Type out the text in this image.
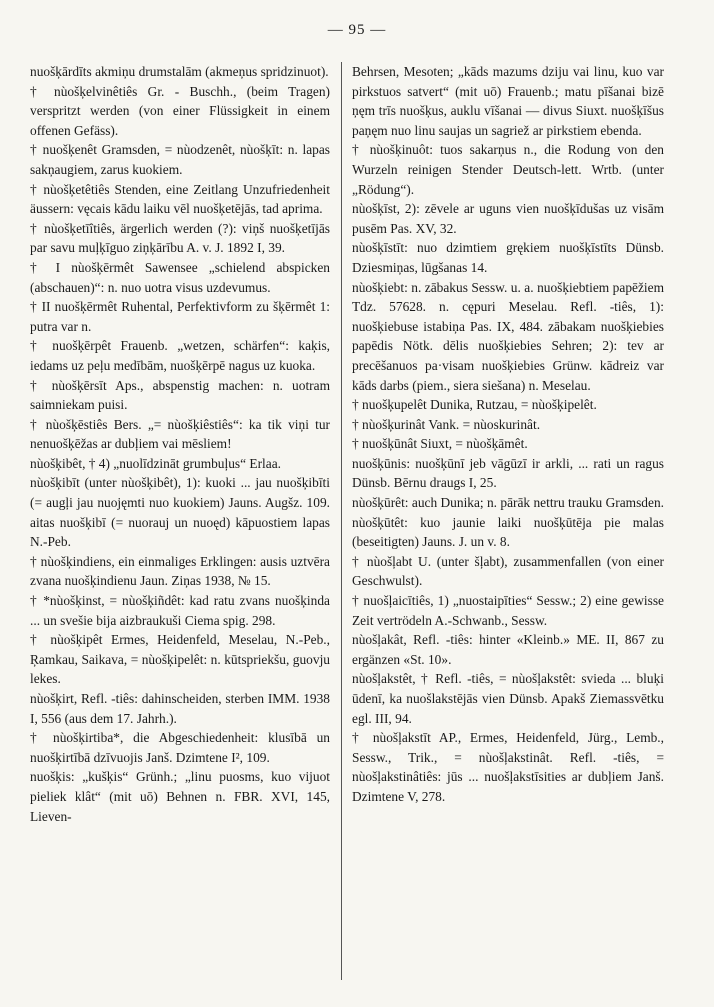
— 95 —

nuošķārdīts akmiņu drumstalām (akmeņus spridzinuot).

† nùošķelvinêtiês Gr. - Buschh., (beim Tragen) verspritzt werden (von einer Flüssigkeit in einem offenen Gefäss).

† nuošķenêt Gramsden, = nùodzenêt, nùošķīt: n. lapas sakņaugiem, zarus kuokiem.

† nùošķetêtiês Stenden, eine Zeitlang Unzufriedenheit äussern: vęcais kādu laiku vēl nuošķetējās, tad aprima.

† nùošķetīîtiês, ärgerlich werden (?): viņš nuošķetījās par savu muļķīguo ziņķārību A. v. J. 1892 I, 39.

† I nùošķērmêt Sawensee „schielend abspicken (abschauen)“: n. nuo uotra visus uzdevumus.

† II nuošķērmêt Ruhental, Perfektivform zu šķērmêt 1: putra var n.

† nuošķērpêt Frauenb. „wetzen, schärfen“: kaķis, iedams uz peļu medībām, nuošķērpē nagus uz kuoka.

† nùošķērsīt Aps., abspenstig machen: n. uotram saimniekam puisi.

† nùošķēstiês Bers. „= nùošķiêstiês“: ka tik viņi tur nenuošķēžas ar dubļiem vai mēsliem!

nùošķibêt, † 4) „nuolīdzināt grumbuļus“ Erlaa.

nùošķibīt (unter nùošķibêt), 1): kuoki ... jau nuošķibīti (= augļi jau nuojęmti nuo kuokiem) Jauns. Augšz. 109. aitas nuošķibī (= nuorauj un nuoęd) kāpuostiem lapas N.-Peb.

† nùošķindiens, ein einmaliges Erklingen: ausis uztvēra zvana nuošķindienu Jaun. Ziņas 1938, № 15.

† *nùošķinst, = nùošķiñdêt: kad ratu zvans nuošķinda ... un svešie bija aizbraukuši Ciema spig. 298.

† nùošķipêt Ermes, Heidenfeld, Meselau, N.-Peb., Ŗamkau, Saikava, = nùošķipelêt: n. kūtspriekšu, guovju lekes.

nùošķirt, Refl. -tiês: dahinscheiden, sterben IMM. 1938 I, 556 (aus dem 17. Jahrh.).

† nùošķirtiba*, die Abgeschiedenheit: klusībā un nuošķirtībā dzīvuojis Janš. Dzimtene I², 109.

nuošķis: „kušķis“ Grünh.; „linu puosms, kuo vijuot pieliek klât“ (mit uō) Behnen n. FBR. XVI, 145, Lieven-

Behrsen, Mesoten; „kāds mazums dziju vai linu, kuo var pirkstuos satvert“ (mit uō) Frauenb.; matu pīšanai bizē ņęm trīs nuošķus, auklu vīšanai — divus Siuxt. nuošķīšus paņęm nuo linu saujas un sagriež ar pirkstiem ebenda.

† nùošķinuôt: tuos sakarņus n., die Rodung von den Wurzeln reinigen Stender Deutsch-lett. Wrtb. (unter „Rödung“).

nùošķīst, 2): zēvele ar uguns vien nuošķīdušas uz visām pusēm Pas. XV, 32.

nùošķīstīt: nuo dzimtiem grękiem nuošķīstīts Dünsb. Dziesmiņas, lūgšanas 14.

nùošķiebt: n. zābakus Sessw. u. a. nuošķiebtiem papēžiem Tdz. 57628. n. cępuri Meselau. Refl. -tiês, 1): nuošķiebuse istabiņa Pas. IX, 484. zābakam nuošķiebies papēdis Nötk. dēlis nuošķiebies Sehren; 2): tev ar precēšanuos pa·visam nuošķiebies Grünw. kādreiz var kāds darbs (piem., siera siešana) n. Meselau.

† nuošķupelêt Dunika, Rutzau, = nùošķipelêt.

† nùošķurinât Vank. = nùoskurinât.

† nuošķūnât Siuxt, = nùošķāmêt.

nuošķūnis: nuošķūnī jeb vāgūzī ir arkli, ... rati un ragus Dünsb. Bērnu draugs I, 25.

nùošķūrêt: auch Dunika; n. pārāk nettru trauku Gramsden.

nùošķūtêt: kuo jaunie laiki nuošķūtēja pie malas (beseitigten) Jauns. J. un v. 8.

† nùošļabt U. (unter šļabt), zusammenfallen (von einer Geschwulst).

† nuošļaicītiês, 1) „nuostaipīties“ Sessw.; 2) eine gewisse Zeit vertrödeln A.-Schwanb., Sessw.

nùošļakât, Refl. -tiês: hinter «Kleinb.» ME. II, 867 zu ergänzen «St. 10».

nùošļakstêt, † Refl. -tiês, = nùošļakstêt: svieda ... bluķi ūdenī, ka nuošlakstējās vien Dünsb. Apakš Ziemassvētku egl. III, 94.

† nùošļakstīt AP., Ermes, Heidenfeld, Jürg., Lemb., Sessw., Trik., = nùošļakstinât. Refl. -tiês, = nùošļakstinâtiês: jūs ... nuošļakstīsities ar dubļiem Janš. Dzimtene V, 278.
